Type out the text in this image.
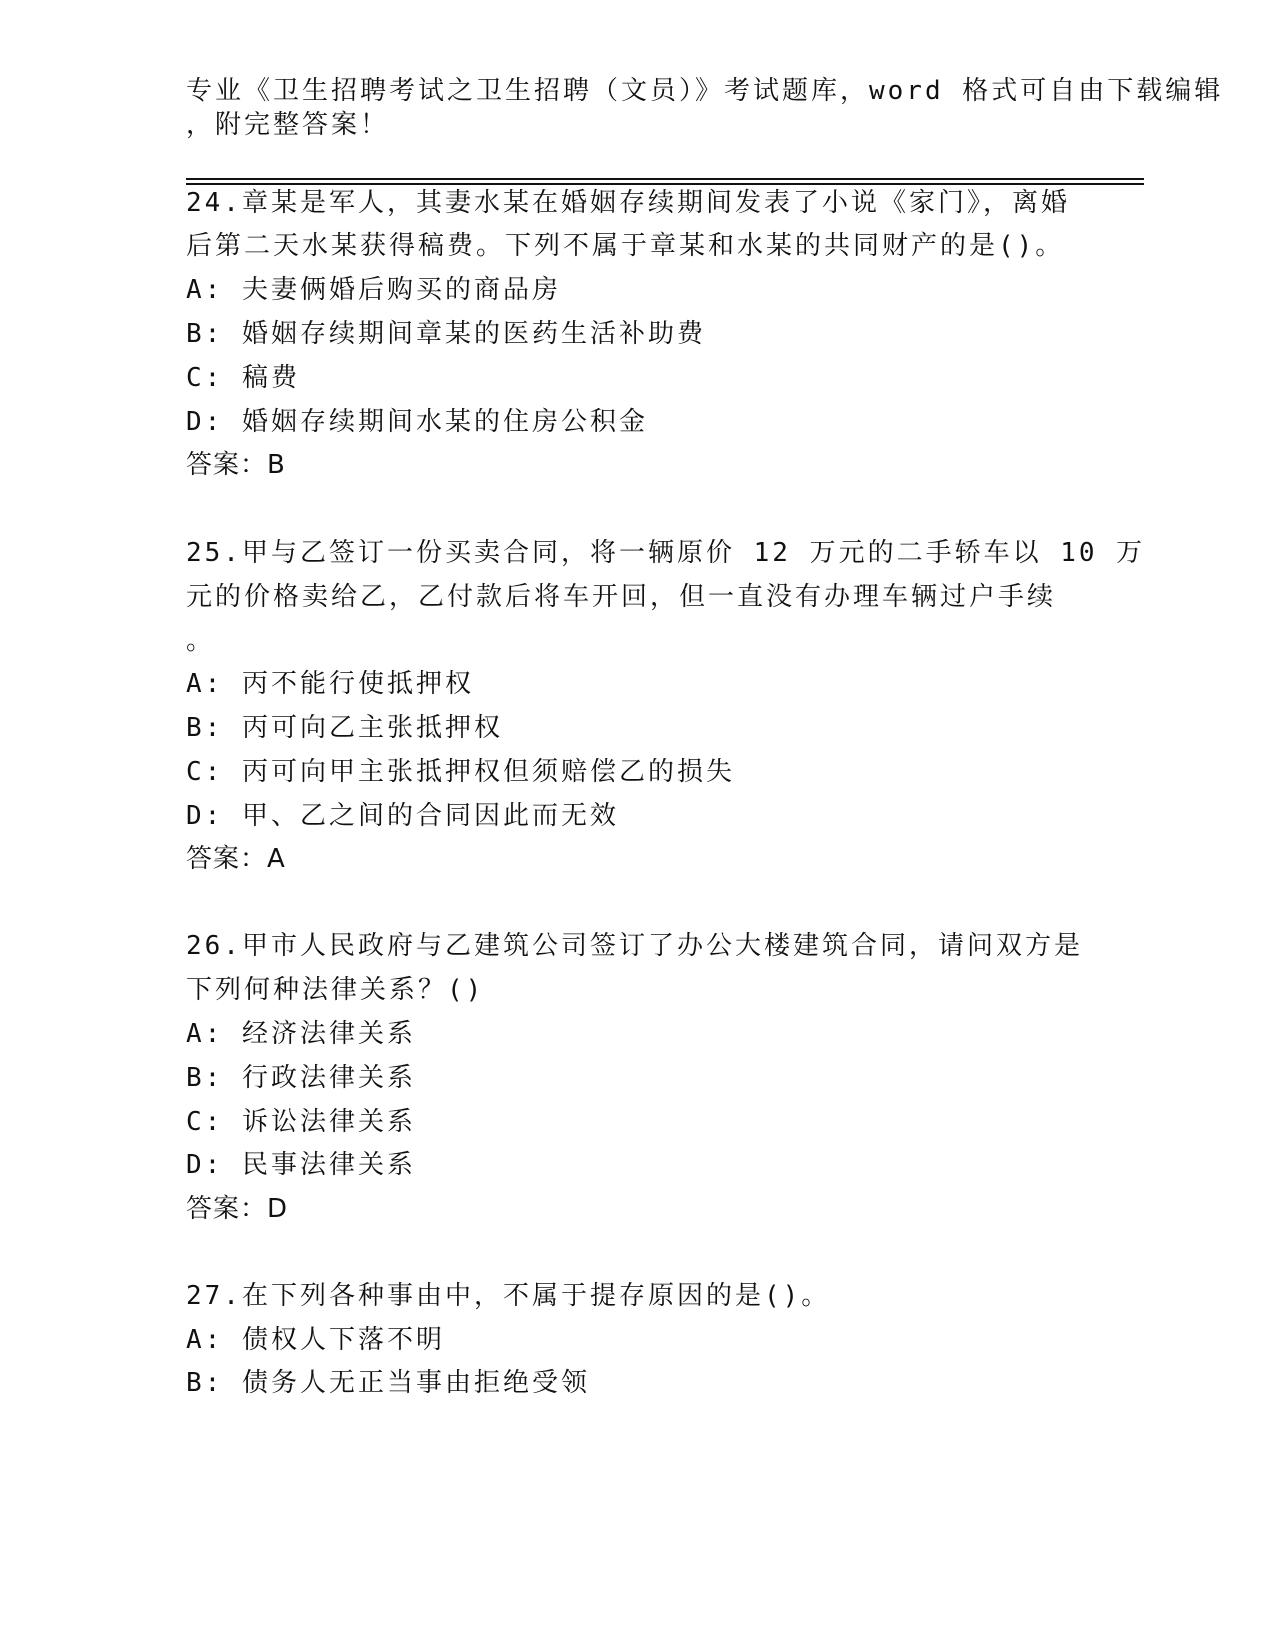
专业《卫生招聘考试之卫生招聘（文员）》考试题库，word 格式可自由下载编辑
，附完整答案！
24.章某是军人，其妻水某在婚姻存续期间发表了小说《家门》，离婚
后第二天水某获得稿费。下列不属于章某和水某的共同财产的是()。
A: 夫妻俩婚后购买的商品房
B: 婚姻存续期间章某的医药生活补助费
C: 稿费
D: 婚姻存续期间水某的住房公积金
答案：B
25.甲与乙签订一份买卖合同，将一辆原价 12 万元的二手轿车以 10 万
元的价格卖给乙，乙付款后将车开回，但一直没有办理车辆过户手续
。
A: 丙不能行使抵押权
B: 丙可向乙主张抵押权
C: 丙可向甲主张抵押权但须赔偿乙的损失
D: 甲、乙之间的合同因此而无效
答案：A
26.甲市人民政府与乙建筑公司签订了办公大楼建筑合同，请问双方是
下列何种法律关系？()
A: 经济法律关系
B: 行政法律关系
C: 诉讼法律关系
D: 民事法律关系
答案：D
27.在下列各种事由中，不属于提存原因的是()。
A: 债权人下落不明
B: 债务人无正当事由拒绝受领
